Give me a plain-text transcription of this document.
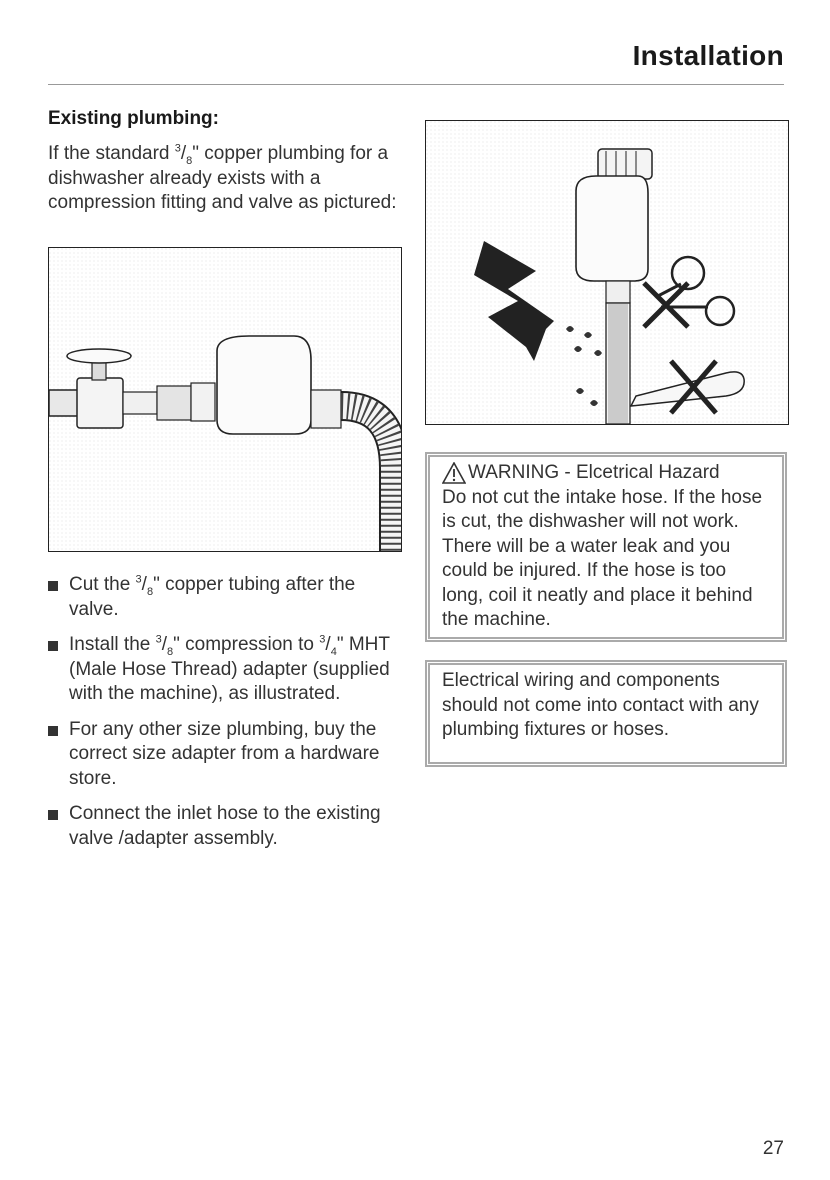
Installation
Existing plumbing:
If the standard $^3/_8$" copper plumbing for a dishwasher already exists with a compression fitting and valve as pictured:
Cut the $^3/_8$" copper tubing after the valve.
Install the $^3/_8$" compression to $^3/_4$" MHT (Male Hose Thread) adapter (supplied with the machine), as illustrated.
For any other size plumbing, buy the correct size adapter from a hardware store.
Connect the inlet hose to the existing valve /adapter assembly.
WARNING - Elcetrical Hazard
Do not cut the intake hose. If the hose is cut, the dishwasher will not work. There will be a water leak and you could be injured. If the hose is too long, coil it neatly and place it behind the machine.
Electrical wiring and components should not come into contact with any plumbing fixtures or hoses.
27
